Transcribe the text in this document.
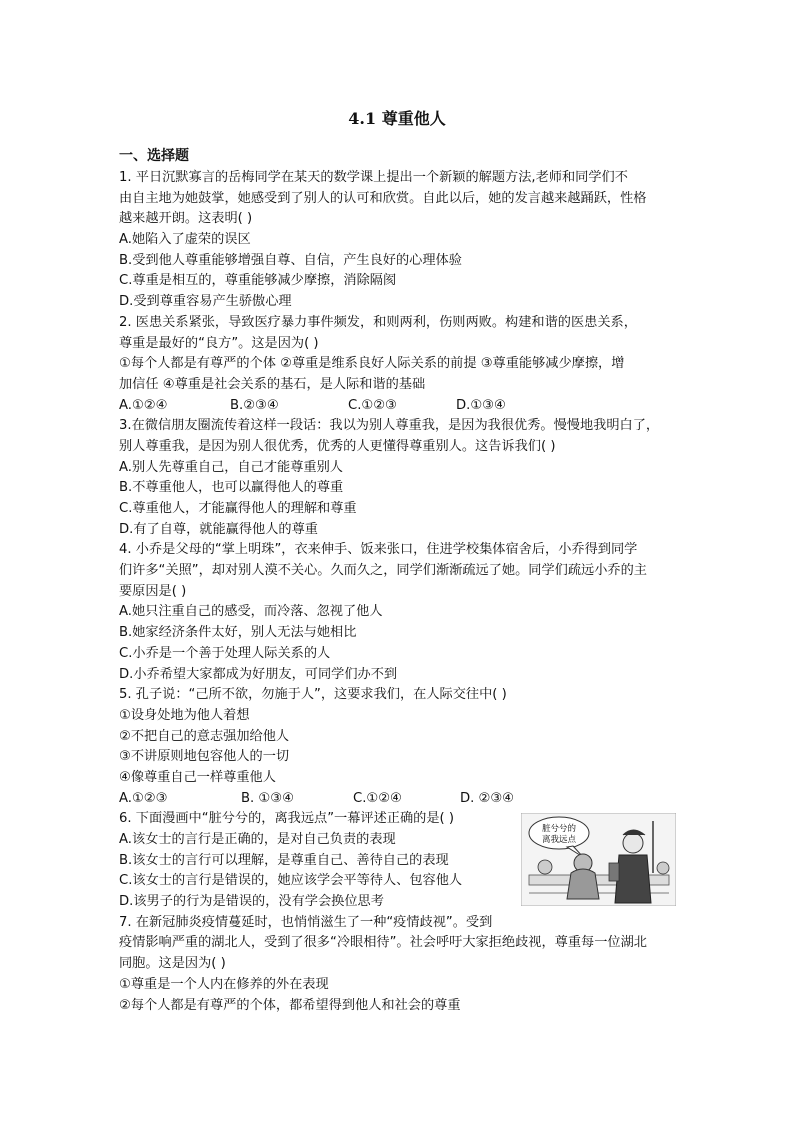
4.1 尊重他人
一、选择题
1. 平日沉默寡言的岳梅同学在某天的数学课上提出一个新颖的解题方法,老师和同学们不
由自主地为她鼓掌，她感受到了别人的认可和欣赏。自此以后，她的发言越来越踊跃，性格
越来越开朗。这表明( )
A.她陷入了虚荣的误区
B.受到他人尊重能够增强自尊、自信，产生良好的心理体验
C.尊重是相互的，尊重能够减少摩擦，消除隔阂
D.受到尊重容易产生骄傲心理
2. 医患关系紧张，导致医疗暴力事件频发，和则两利，伤则两败。构建和谐的医患关系，
尊重是最好的“良方”。这是因为( )
①每个人都是有尊严的个体 ②尊重是维系良好人际关系的前提 ③尊重能够减少摩擦，增
加信任 ④尊重是社会关系的基石，是人际和谐的基础
A.①②④	B.②③④	C.①②③	D.①③④
3.在微信朋友圈流传着这样一段话：我以为别人尊重我，是因为我很优秀。慢慢地我明白了，
别人尊重我，是因为别人很优秀，优秀的人更懂得尊重别人。这告诉我们( )
A.别人先尊重自己，自己才能尊重别人
B.不尊重他人，也可以赢得他人的尊重
C.尊重他人，才能赢得他人的理解和尊重
D.有了自尊，就能赢得他人的尊重
4. 小乔是父母的“掌上明珠”，衣来伸手、饭来张口，住进学校集体宿舍后，小乔得到同学
们许多“关照”，却对别人漠不关心。久而久之，同学们渐渐疏远了她。同学们疏远小乔的主
要原因是( )
A.她只注重自己的感受，而冷落、忽视了他人
B.她家经济条件太好，别人无法与她相比
C.小乔是一个善于处理人际关系的人
D.小乔希望大家都成为好朋友，可同学们办不到
5. 孔子说：“己所不欲，勿施于人”，这要求我们，在人际交往中( )
①设身处地为他人着想
②不把自己的意志强加给他人
③不讲原则地包容他人的一切
④像尊重自己一样尊重他人
A.①②③	B. ①③④	C.①②④	D. ②③④
6. 下面漫画中“脏兮兮的，离我远点”一幕评述正确的是( )
A.该女士的言行是正确的，是对自己负责的表现
B.该女士的言行可以理解，是尊重自己、善待自己的表现
C.该女士的言行是错误的，她应该学会平等待人、包容他人
D.该男子的行为是错误的，没有学会换位思考
7. 在新冠肺炎疫情蔓延时，也悄悄滋生了一种“疫情歧视”。受到
疫情影响严重的湖北人，受到了很多“冷眼相待”。社会呼吁大家拒绝歧视，尊重每一位湖北
同胞。这是因为( )
①尊重是一个人内在修养的外在表现
②每个人都是有尊严的个体，都希望得到他人和社会的尊重
脏兮兮的
离我远点
